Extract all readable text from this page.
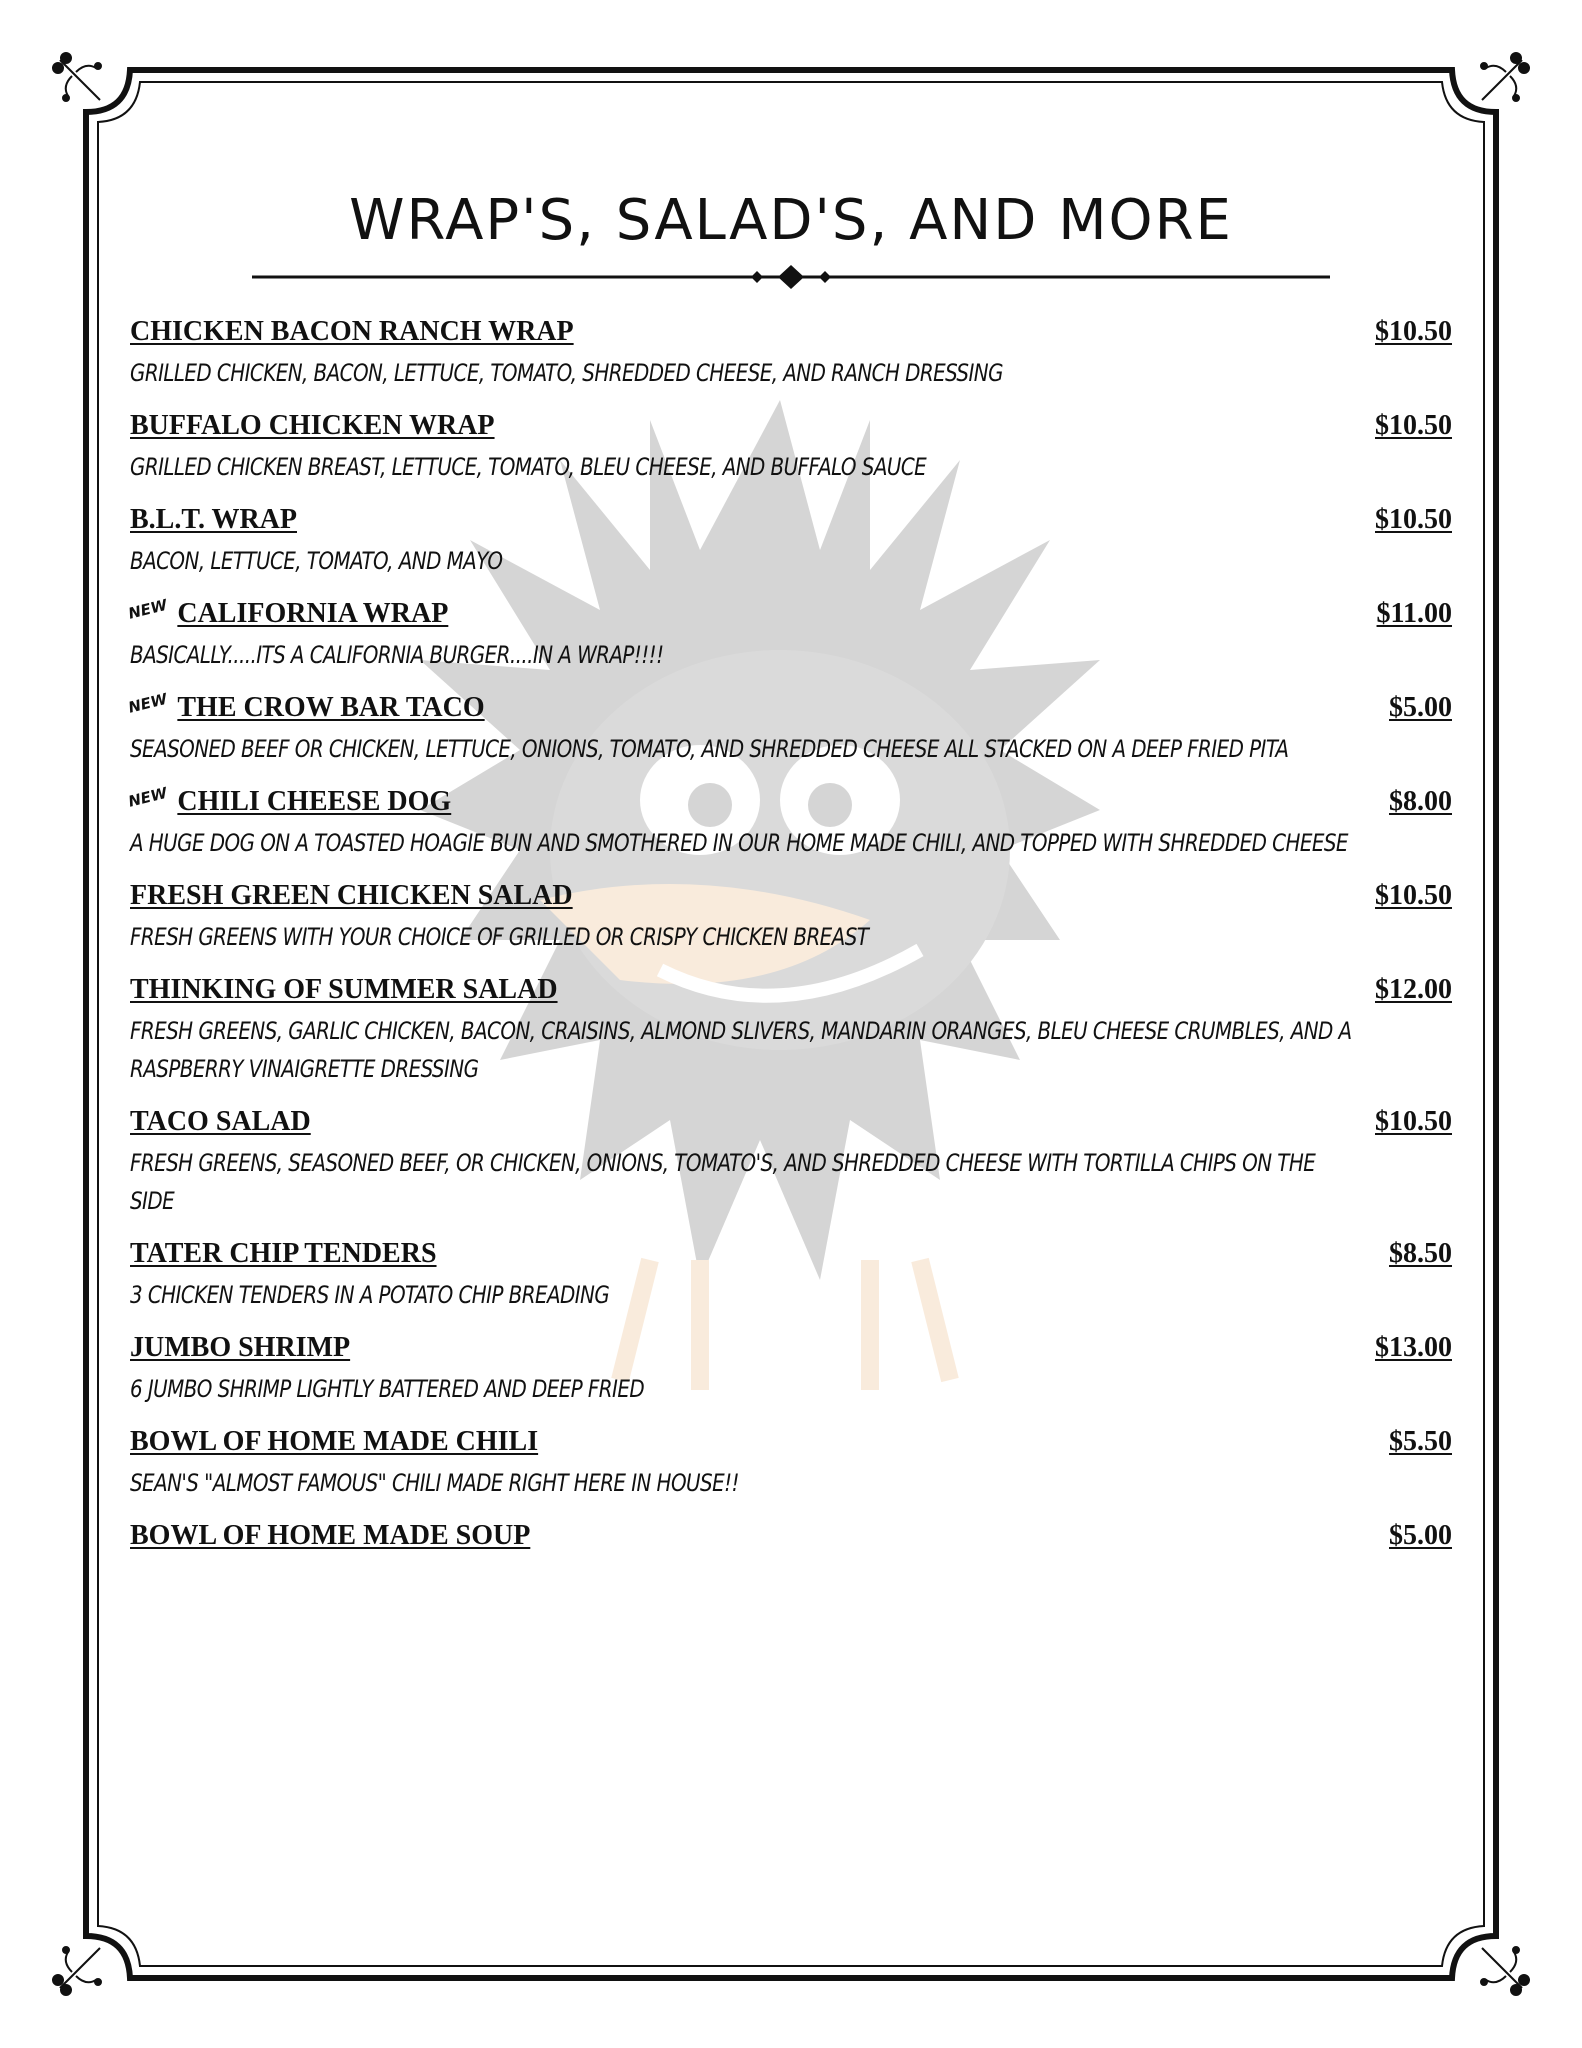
WRAP'S, SALAD'S, AND MORE
CHICKEN BACON RANCH WRAP	$10.50
GRILLED CHICKEN, BACON, LETTUCE, TOMATO, SHREDDED CHEESE, AND RANCH DRESSING
BUFFALO CHICKEN WRAP	$10.50
GRILLED CHICKEN BREAST, LETTUCE, TOMATO, BLEU CHEESE, AND BUFFALO SAUCE
B.L.T. WRAP	$10.50
BACON, LETTUCE, TOMATO, AND MAYO
NEW CALIFORNIA WRAP	$11.00
BASICALLY.....ITS A CALIFORNIA BURGER....IN A WRAP!!!!
NEW THE CROW BAR TACO	$5.00
SEASONED BEEF OR CHICKEN, LETTUCE, ONIONS, TOMATO, AND SHREDDED CHEESE ALL STACKED ON A DEEP FRIED PITA
NEW CHILI CHEESE DOG	$8.00
A HUGE DOG ON A TOASTED HOAGIE BUN AND SMOTHERED IN OUR HOME MADE CHILI, AND TOPPED WITH SHREDDED CHEESE
FRESH GREEN CHICKEN SALAD	$10.50
FRESH GREENS WITH YOUR CHOICE OF GRILLED OR CRISPY CHICKEN BREAST
THINKING OF SUMMER SALAD	$12.00
FRESH GREENS, GARLIC CHICKEN, BACON, CRAISINS, ALMOND SLIVERS, MANDARIN ORANGES, BLEU CHEESE CRUMBLES, AND A RASPBERRY VINAIGRETTE DRESSING
TACO SALAD	$10.50
FRESH GREENS, SEASONED BEEF, OR CHICKEN, ONIONS, TOMATO'S, AND SHREDDED CHEESE WITH TORTILLA CHIPS ON THE SIDE
TATER CHIP TENDERS	$8.50
3 CHICKEN TENDERS IN A POTATO CHIP BREADING
JUMBO SHRIMP	$13.00
6 JUMBO SHRIMP LIGHTLY BATTERED AND DEEP FRIED
BOWL OF HOME MADE CHILI	$5.50
SEAN'S "ALMOST FAMOUS" CHILI MADE RIGHT HERE IN HOUSE!!
BOWL OF HOME MADE SOUP	$5.00
